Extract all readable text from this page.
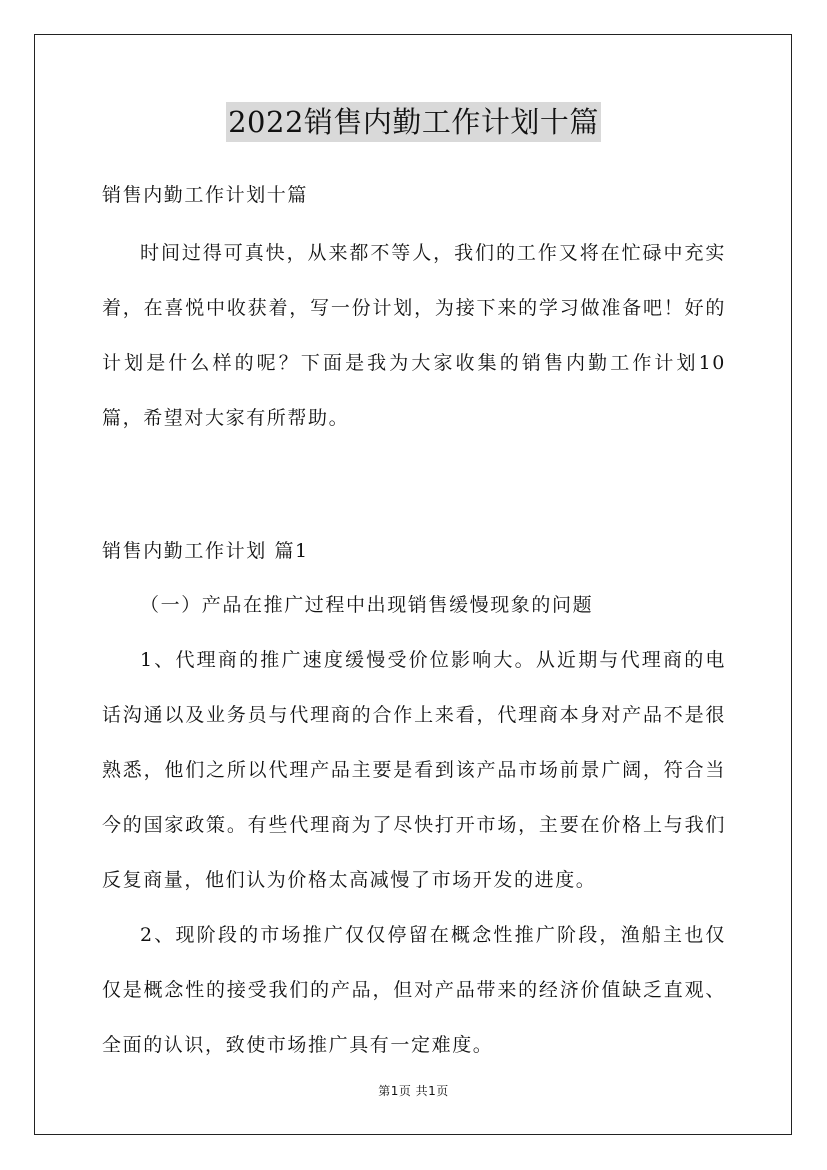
2022销售内勤工作计划十篇

销售内勤工作计划十篇

时间过得可真快，从来都不等人，我们的工作又将在忙碌中充实着，在喜悦中收获着，写一份计划，为接下来的学习做准备吧！好的计划是什么样的呢？下面是我为大家收集的销售内勤工作计划10篇，希望对大家有所帮助。

销售内勤工作计划 篇1

（一）产品在推广过程中出现销售缓慢现象的问题

1、代理商的推广速度缓慢受价位影响大。从近期与代理商的电话沟通以及业务员与代理商的合作上来看，代理商本身对产品不是很熟悉，他们之所以代理产品主要是看到该产品市场前景广阔，符合当今的国家政策。有些代理商为了尽快打开市场，主要在价格上与我们反复商量，他们认为价格太高减慢了市场开发的进度。

2、现阶段的市场推广仅仅停留在概念性推广阶段，渔船主也仅仅是概念性的接受我们的产品，但对产品带来的经济价值缺乏直观、全面的认识，致使市场推广具有一定难度。

第1页 共1页
